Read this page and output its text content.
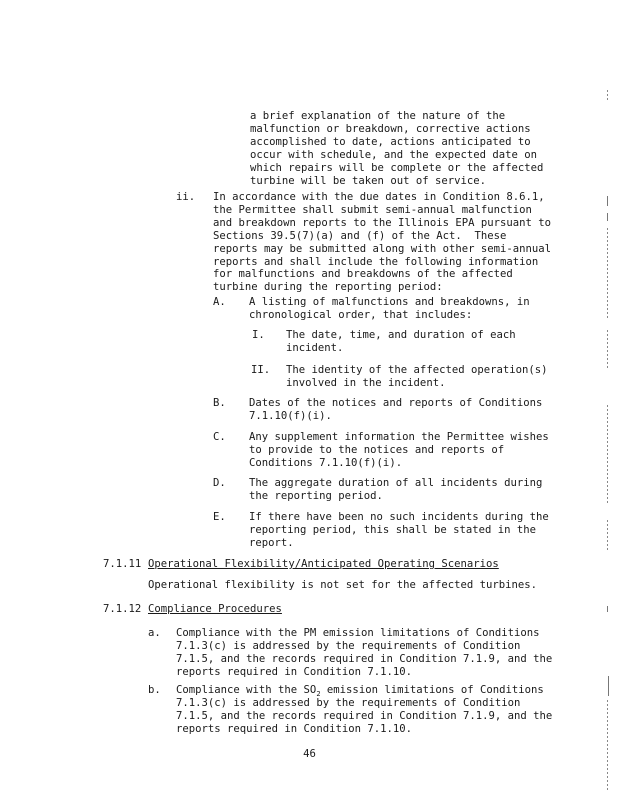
a brief explanation of the nature of the

malfunction or breakdown, corrective actions

accomplished to date, actions anticipated to

occur with schedule, and the expected date on

which repairs will be complete or the affected

turbine will be taken out of service.

ii. In accordance with the due dates in Condition 8.6.1,

the Permittee shall submit semi-annual malfunction

and breakdown reports to the Illinois EPA pursuant to

Sections 39.5(7)(a) and (f) of the Act.  These

reports may be submitted along with other semi-annual

reports and shall include the following information

for malfunctions and breakdowns of the affected

turbine during the reporting period:

A. A listing of malfunctions and breakdowns, in

chronological order, that includes:

I. The date, time, and duration of each

incident.

II. The identity of the affected operation(s)

involved in the incident.

B. Dates of the notices and reports of Conditions

7.1.10(f)(i).

C. Any supplement information the Permittee wishes

to provide to the notices and reports of

Conditions 7.1.10(f)(i).

D. The aggregate duration of all incidents during

the reporting period.

E. If there have been no such incidents during the

reporting period, this shall be stated in the

report.

7.1.11 Operational Flexibility/Anticipated Operating Scenarios

Operational flexibility is not set for the affected turbines.

7.1.12 Compliance Procedures
a. Compliance with the PM emission limitations of Conditions

7.1.3(c) is addressed by the requirements of Condition

7.1.5, and the records required in Condition 7.1.9, and the

reports required in Condition 7.1.10.

b. Compliance with the $SO_2$ emission limitations of Conditions

7.1.3(c) is addressed by the requirements of Condition

7.1.5, and the records required in Condition 7.1.9, and the

reports required in Condition 7.1.10.

46
